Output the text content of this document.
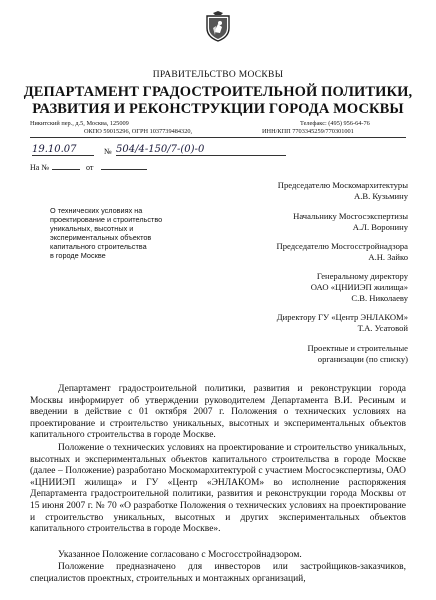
ПРАВИТЕЛЬСТВО МОСКВЫ
ДЕПАРТАМЕНТ ГРАДОСТРОИТЕЛЬНОЙ ПОЛИТИКИ,
РАЗВИТИЯ И РЕКОНСТРУКЦИИ ГОРОДА МОСКВЫ
Никитский пер., д.5, Москва, 125009	Телефакс: (495) 956-64-76
ОКПО 59015296, ОГРН 1037739484320,	ИНН/КПП 7703345259/770301001
19.10.07	№ 504/4-150/7-(0)-0
На №	от
Председателю Москомархитектуры
А.В. Кузьмину
Начальнику Мосгосэкспертизы
А.Л. Воронину
Председателю Мосгосстройнадзора
А.Н. Зайко
Генеральному директору
ОАО «ЦНИИЭП жилища»
С.В. Николаеву
Директору ГУ «Центр ЭНЛАКОМ»
Т.А. Усатовой
Проектные и строительные
организации (по списку)
О технических условиях на
проектирование и строительство
уникальных, высотных и
экспериментальных объектов
капитального строительства
в городе Москве

Департамент градостроительной политики, развития и реконструкции города Москвы информирует об утверждении руководителем Департамента В.И. Ресиным и введении в действие с 01 октября 2007 г. Положения о технических условиях на проектирование и строительство уникальных, высотных и экспериментальных объектов капитального строительства в городе Москве.

Положение о технических условиях на проектирование и строительство уникальных, высотных и экспериментальных объектов капитального строительства в городе Москве (далее – Положение) разработано Москомархитектурой с участием Мосгосэкспертизы, ОАО «ЦНИИЭП жилища» и ГУ «Центр «ЭНЛАКОМ» во исполнение распоряжения Департамента градостроительной политики, развития и реконструкции города Москвы от 15 июня 2007 г. № 70 «О разработке Положения о технических условиях на проектирование и строительство уникальных, высотных и других экспериментальных объектов капитального строительства в городе Москве».

Указанное Положение согласовано с Мосгосстройнадзором.

Положение предназначено для инвесторов или застройщиков-заказчиков, специалистов проектных, строительных и монтажных организаций,
